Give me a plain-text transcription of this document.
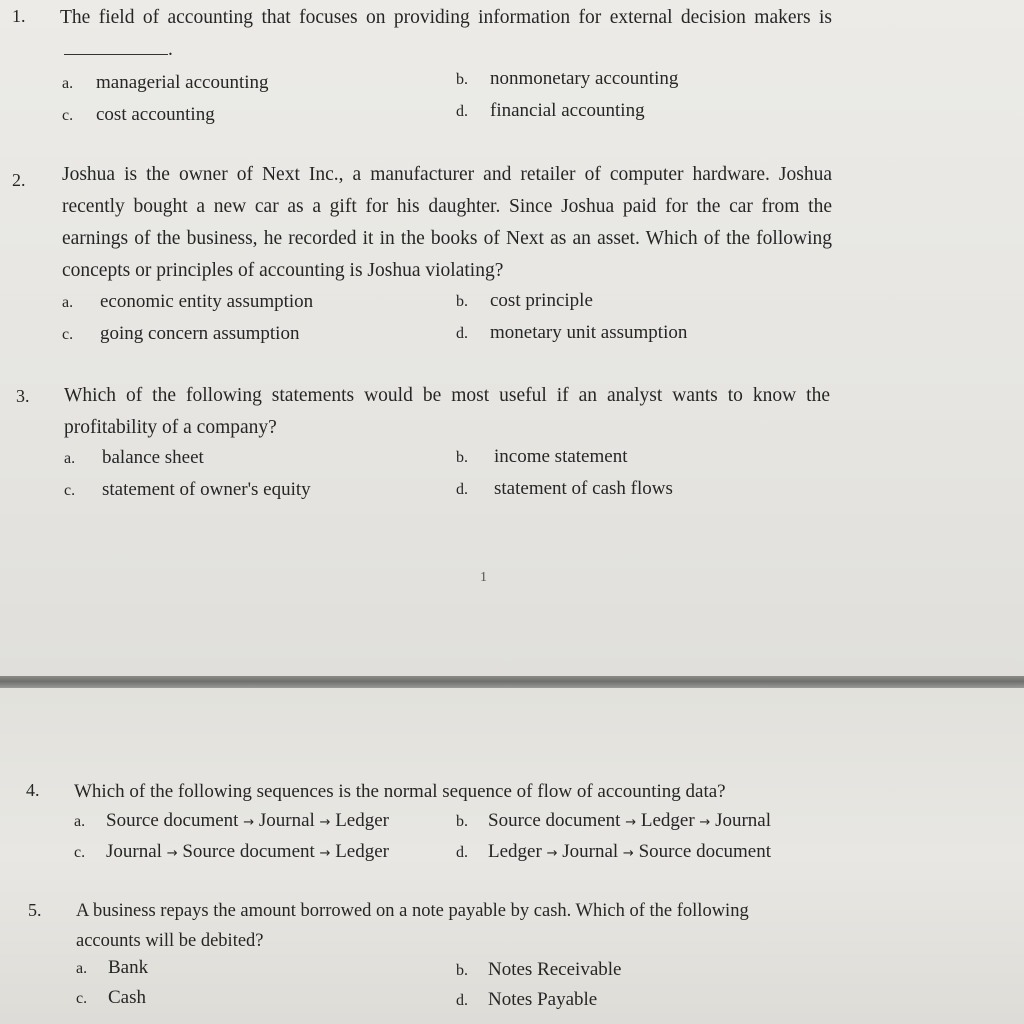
1. The field of accounting that focuses on providing information for external decision makers is.
a. managerial accounting	b. nonmonetary accounting
c. cost accounting	d. financial accounting
2. Joshua is the owner of Next Inc., a manufacturer and retailer of computer hardware. Joshua recently bought a new car as a gift for his daughter. Since Joshua paid for the car from the earnings of the business, he recorded it in the books of Next as an asset. Which of the following concepts or principles of accounting is Joshua violating?
a. economic entity assumption	b. cost principle
c. going concern assumption	d. monetary unit assumption
3. Which of the following statements would be most useful if an analyst wants to know the profitability of a company?
a. balance sheet	b. income statement
c. statement of owner's equity	d. statement of cash flows
1
4. Which of the following sequences is the normal sequence of flow of accounting data?
a. Source document → Journal → Ledger	b. Source document → Ledger → Journal
c. Journal → Source document → Ledger	d. Ledger → Journal → Source document
5. A business repays the amount borrowed on a note payable by cash. Which of the following accounts will be debited?
a. Bank	b. Notes Receivable
c. Cash	d. Notes Payable
